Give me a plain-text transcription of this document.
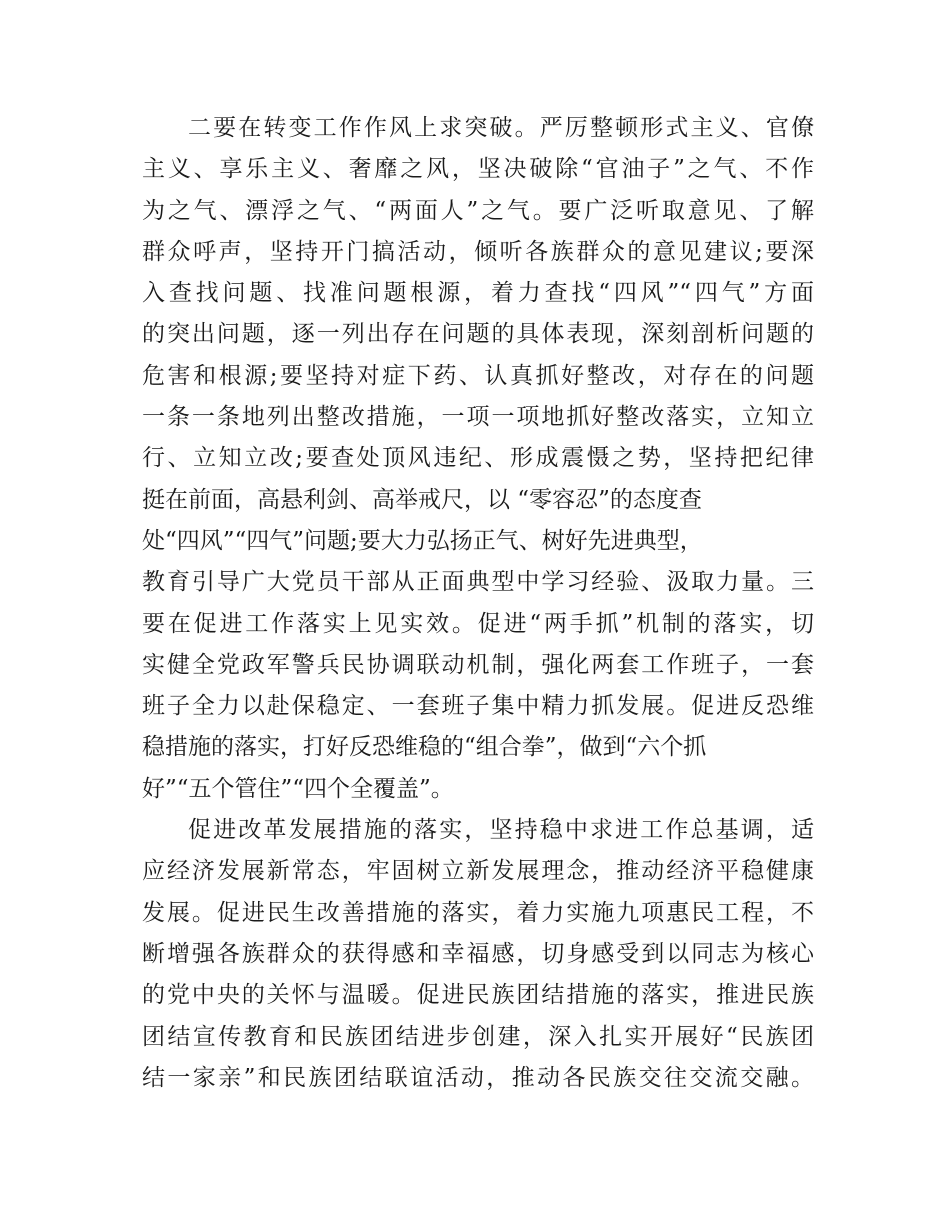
二要在转变工作作风上求突破。严厉整顿形式主义、官僚
主义、享乐主义、奢靡之风，坚决破除“官油子”之气、不作
为之气、漂浮之气、“两面人”之气。要广泛听取意见、了解
群众呼声，坚持开门搞活动，倾听各族群众的意见建议;要深
入查找问题、找准问题根源，着力查找“四风”“四气”方面
的突出问题，逐一列出存在问题的具体表现，深刻剖析问题的
危害和根源;要坚持对症下药、认真抓好整改，对存在的问题
一条一条地列出整改措施，一项一项地抓好整改落实，立知立
行、立知立改;要查处顶风违纪、形成震慑之势，坚持把纪律
挺在前面，高悬利剑、高举戒尺，以 “零容忍”的态度查
处“四风”“四气”问题;要大力弘扬正气、树好先进典型，
教育引导广大党员干部从正面典型中学习经验、汲取力量。三
要在促进工作落实上见实效。促进“两手抓”机制的落实，切
实健全党政军警兵民协调联动机制，强化两套工作班子，一套
班子全力以赴保稳定、一套班子集中精力抓发展。促进反恐维
稳措施的落实，打好反恐维稳的“组合拳”，做到“六个抓
好”“五个管住”“四个全覆盖”。
促进改革发展措施的落实，坚持稳中求进工作总基调，适
应经济发展新常态，牢固树立新发展理念，推动经济平稳健康
发展。促进民生改善措施的落实，着力实施九项惠民工程，不
断增强各族群众的获得感和幸福感，切身感受到以同志为核心
的党中央的关怀与温暖。促进民族团结措施的落实，推进民族
团结宣传教育和民族团结进步创建，深入扎实开展好“民族团
结一家亲”和民族团结联谊活动，推动各民族交往交流交融。
